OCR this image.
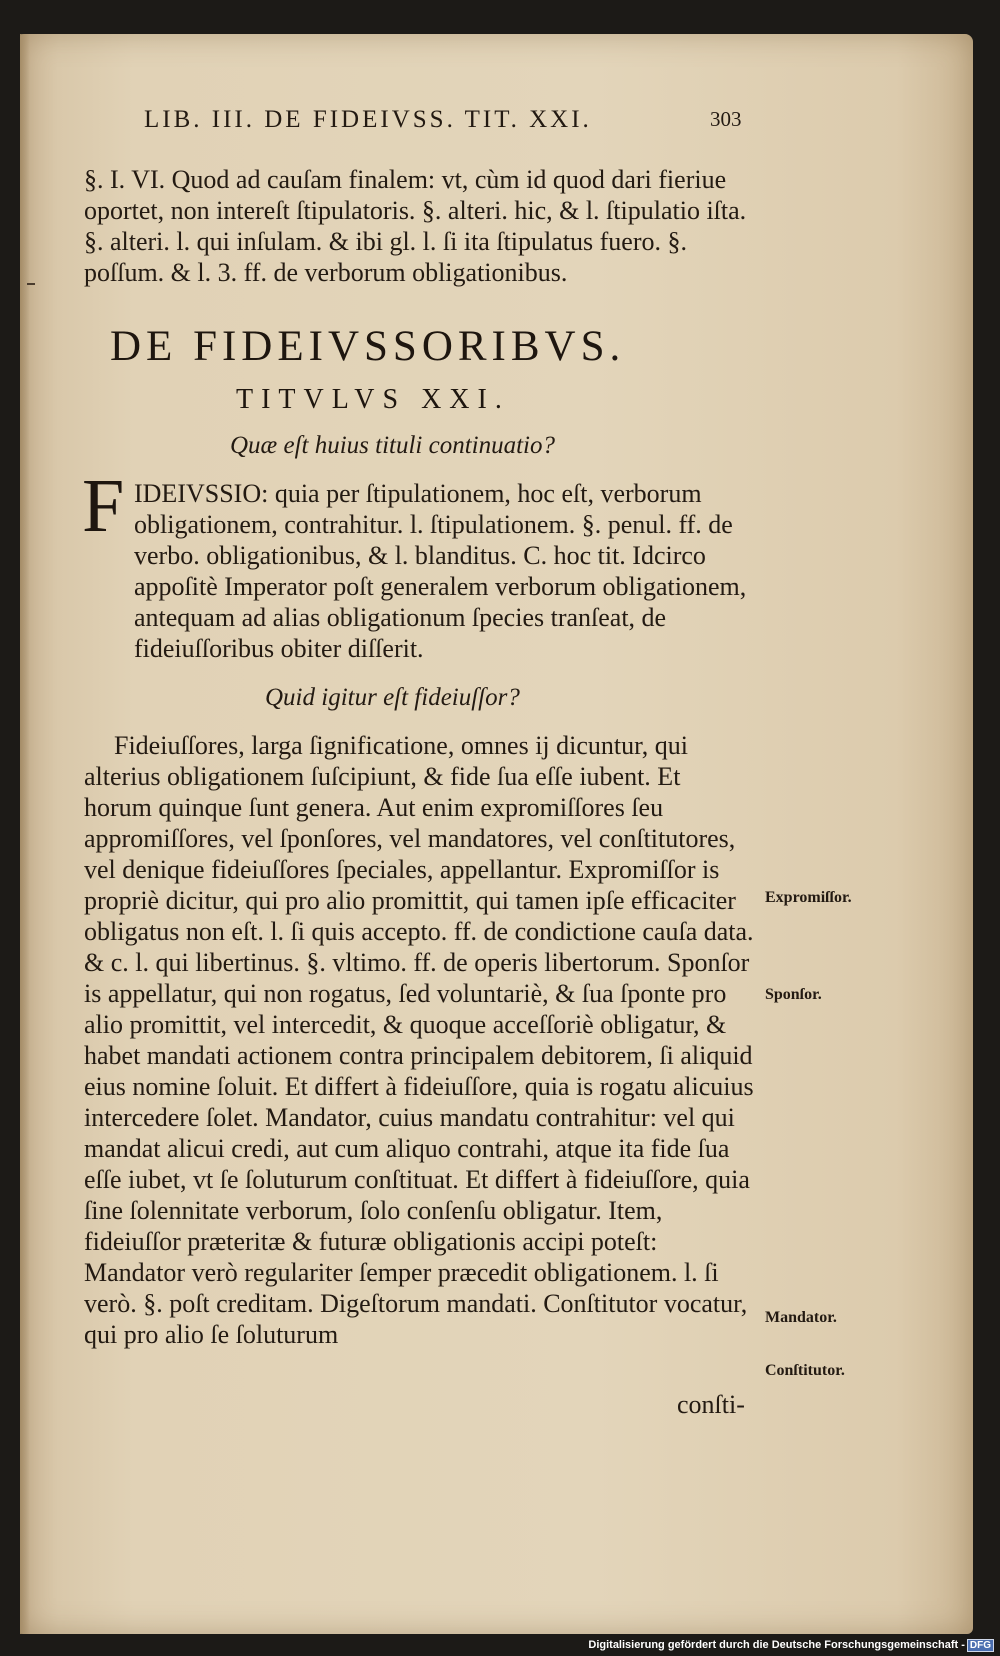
LIB. III. DE FIDEIVSS. TIT. XXI.	303
§. I. VI. Quod ad cauſam finalem: vt, cùm id quod dari fieriue oportet, non intereſt ſtipulatoris. §. alteri. hic, & l. ſtipulatio iſta. §. alteri. l. qui inſulam. & ibi gl. l. ſi ita ſtipulatus fuero. §. poſſum. & l. 3. ff. de verborum obligationibus.
DE FIDEIVSSORIBVS.
TITVLVS XXI.
Quæ eſt huius tituli continuatio?
F IDEIVSSIO: quia per ſtipulationem, hoc eſt, verborum obligationem, contrahitur. l. ſtipulationem. §. penul. ff. de verbo. obligationibus, & l. blanditus. C. hoc tit. Idcirco appoſitè Imperator poſt generalem verborum obligationem, antequam ad alias obligationum ſpecies tranſeat, de fideiuſſoribus obiter diſſerit.
Quid igitur eſt fideiuſſor?
Fideiuſſores, larga ſignificatione, omnes ij dicuntur, qui alterius obligationem ſuſcipiunt, & fide ſua eſſe iubent. Et horum quinque ſunt genera. Aut enim expromiſſores ſeu appromiſſores, vel ſponſores, vel mandatores, vel conſtitutores, vel denique fideiuſſores ſpeciales, appellantur. Expromiſſor is propriè dicitur, qui pro alio promittit, qui tamen ipſe efficaciter obligatus non eſt. l. ſi quis accepto. ff. de condictione cauſa data. & c. l. qui libertinus. §. vltimo. ff. de operis libertorum. Sponſor is appellatur, qui non rogatus, ſed voluntariè, & ſua ſponte pro alio promittit, vel intercedit, & quoque acceſſoriè obligatur, & habet mandati actionem contra principalem debitorem, ſi aliquid eius nomine ſoluit. Et differt à fideiuſſore, quia is rogatu alicuius intercedere ſolet. Mandator, cuius mandatu contrahitur: vel qui mandat alicui credi, aut cum aliquo contrahi, atque ita fide ſua eſſe iubet, vt ſe ſoluturum conſtituat. Et differt à fideiuſſore, quia ſine ſolennitate verborum, ſolo conſenſu obligatur. Item, fideiuſſor præteritæ & futuræ obligationis accipi poteſt: Mandator verò regulariter ſemper præcedit obligationem. l. ſi verò. §. poſt creditam. Digeſtorum mandati. Conſtitutor vocatur, qui pro alio ſe ſoluturum
conſti-
Expromiſſor.
Sponſor.
Mandator.
Conſtitutor.
Digitalisierung gefördert durch die Deutsche Forschungsgemeinschaft - DFG
